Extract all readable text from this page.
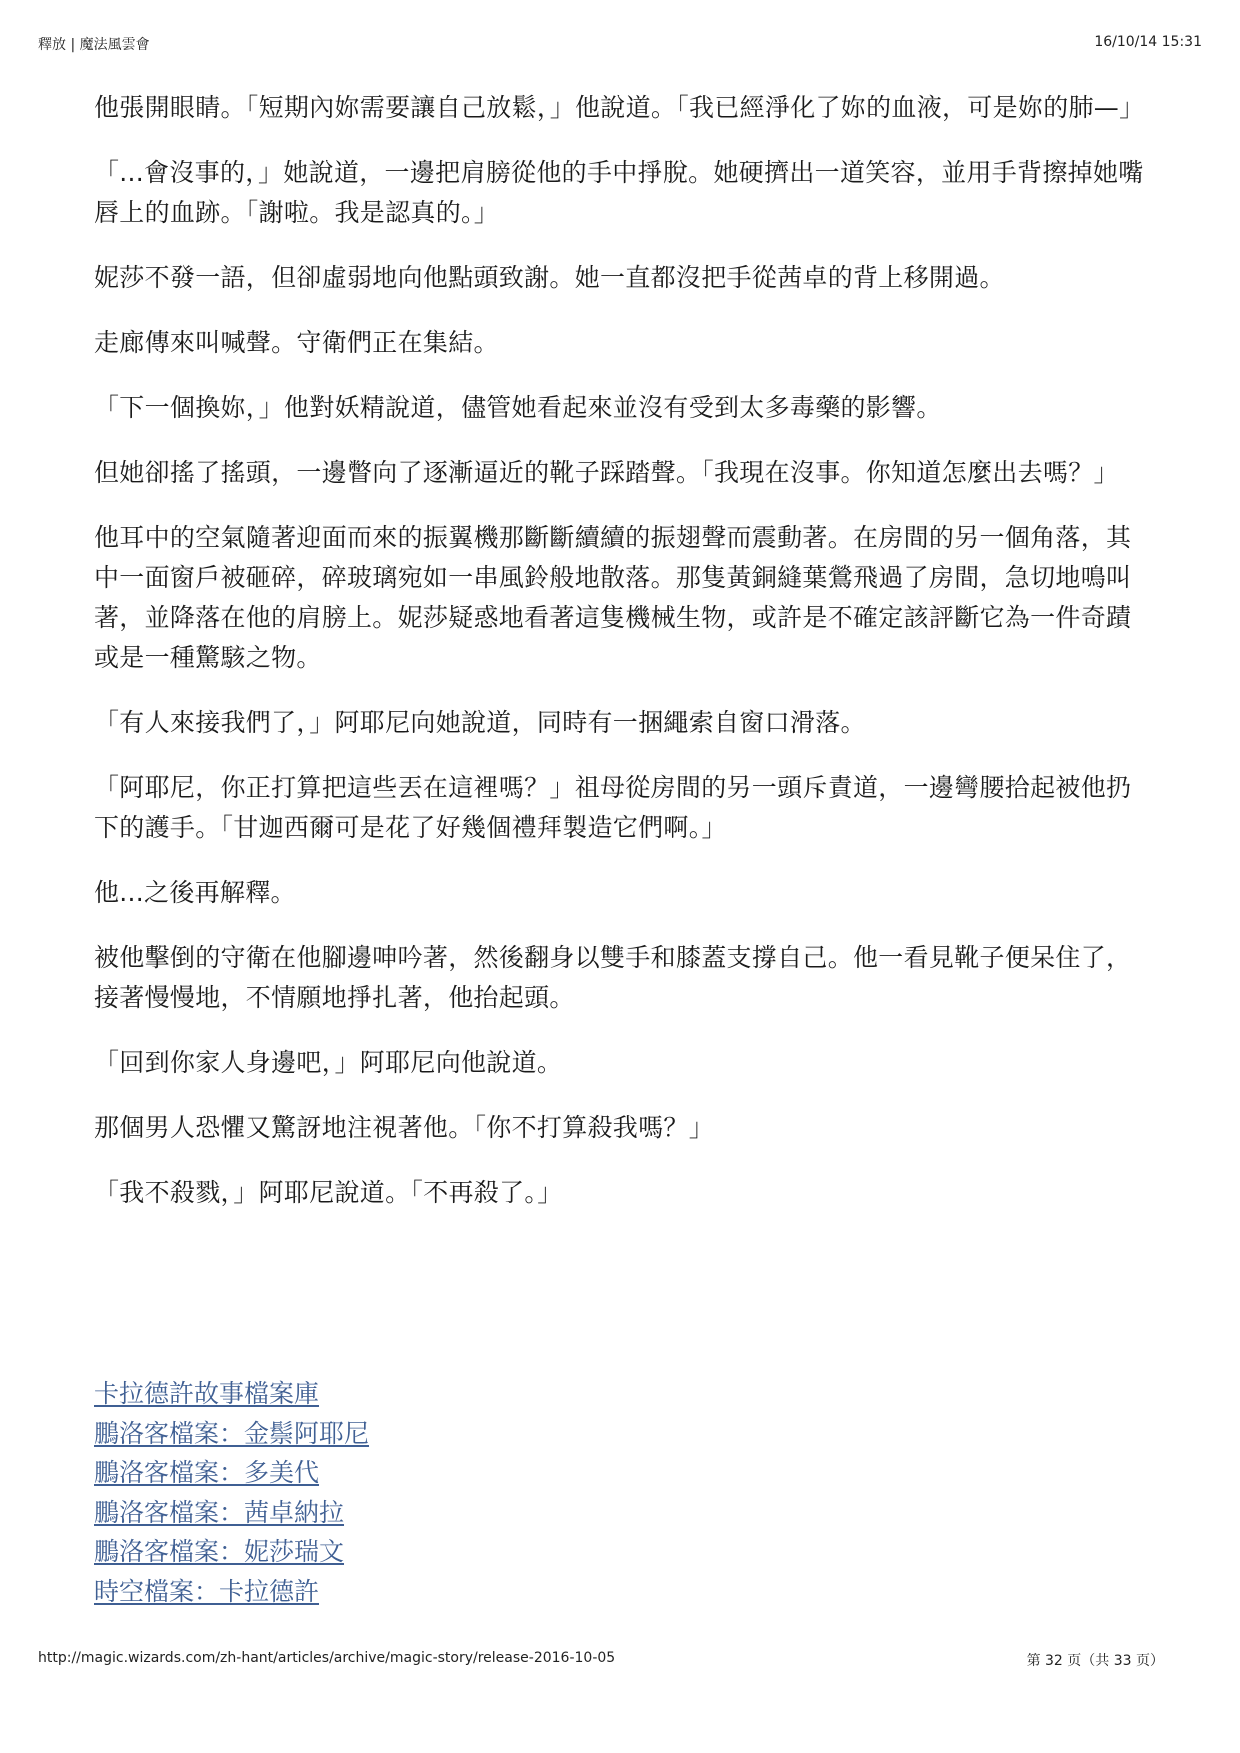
釋放 | 魔法風雲會	16/10/14 15:31

他張開眼睛。「短期內妳需要讓自己放鬆，」他說道。「我已經淨化了妳的血液，可是妳的肺—」

「...會沒事的，」她說道，一邊把肩膀從他的手中掙脫。她硬擠出一道笑容，並用手背擦掉她嘴唇上的血跡。「謝啦。我是認真的。」

妮莎不發一語，但卻虛弱地向他點頭致謝。她一直都沒把手從茜卓的背上移開過。

走廊傳來叫喊聲。守衛們正在集結。

「下一個換妳，」他對妖精說道，儘管她看起來並沒有受到太多毒藥的影響。

但她卻搖了搖頭，一邊瞥向了逐漸逼近的靴子踩踏聲。「我現在沒事。你知道怎麼出去嗎？」

他耳中的空氣隨著迎面而來的振翼機那斷斷續續的振翅聲而震動著。在房間的另一個角落，其中一面窗戶被砸碎，碎玻璃宛如一串風鈴般地散落。那隻黃銅縫葉鶯飛過了房間，急切地鳴叫著，並降落在他的肩膀上。妮莎疑惑地看著這隻機械生物，或許是不確定該評斷它為一件奇蹟或是一種驚駭之物。

「有人來接我們了，」阿耶尼向她說道，同時有一捆繩索自窗口滑落。

「阿耶尼，你正打算把這些丟在這裡嗎？」祖母從房間的另一頭斥責道，一邊彎腰拾起被他扔下的護手。「甘迦西爾可是花了好幾個禮拜製造它們啊。」

他...之後再解釋。

被他擊倒的守衛在他腳邊呻吟著，然後翻身以雙手和膝蓋支撐自己。他一看見靴子便呆住了，接著慢慢地，不情願地掙扎著，他抬起頭。

「回到你家人身邊吧，」阿耶尼向他說道。

那個男人恐懼又驚訝地注視著他。「你不打算殺我嗎？」

「我不殺戮，」阿耶尼說道。「不再殺了。」

卡拉德許故事檔案庫
鵬洛客檔案：金鬃阿耶尼
鵬洛客檔案：多美代
鵬洛客檔案：茜卓納拉
鵬洛客檔案：妮莎瑞文
時空檔案：卡拉德許
http://magic.wizards.com/zh-hant/articles/archive/magic-story/release-2016-10-05	第 32 页（共 33 页）
